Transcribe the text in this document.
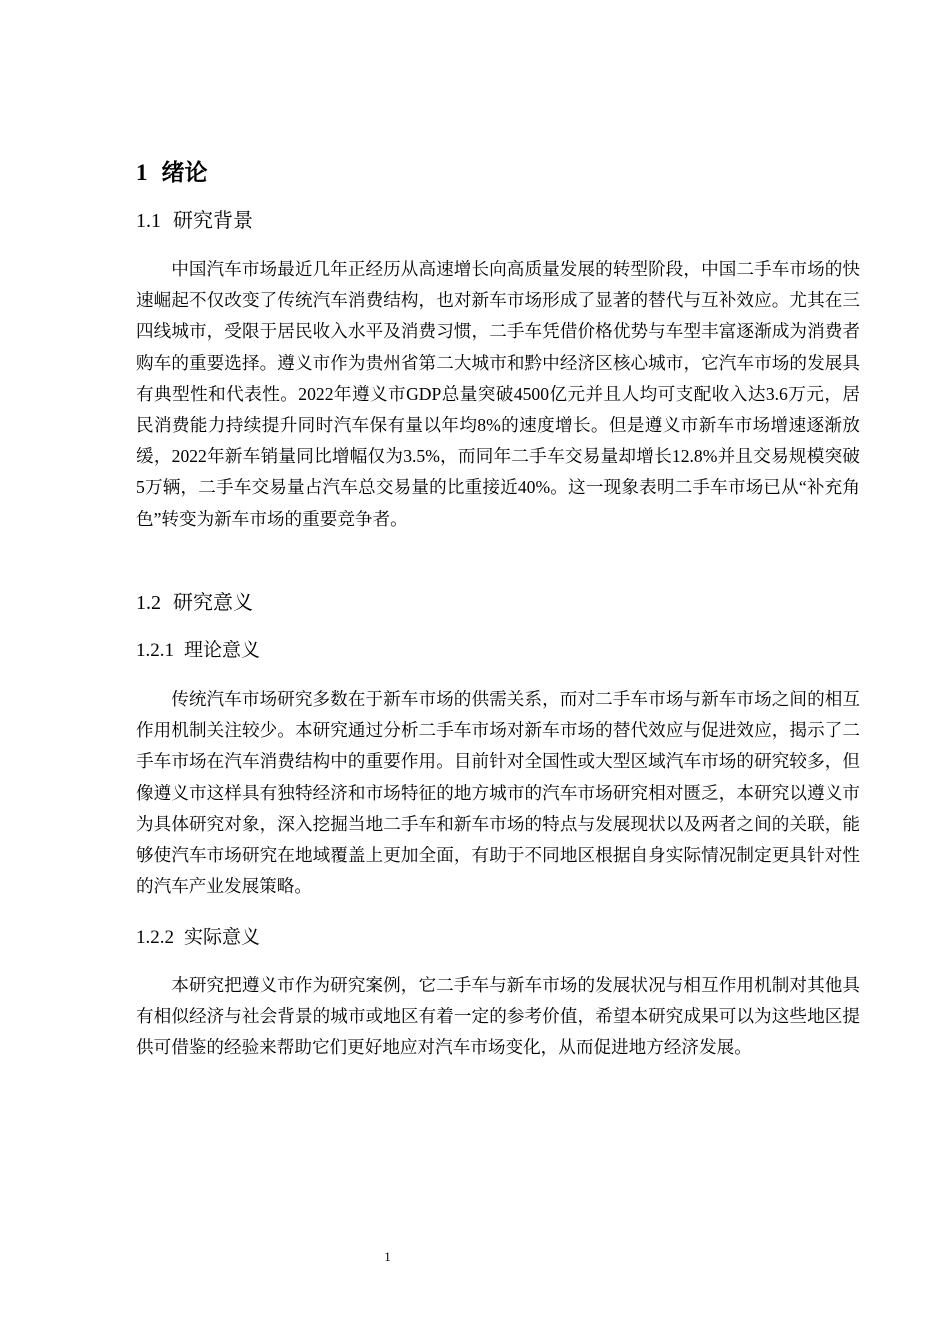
1 绪论
1.1 研究背景

中国汽车市场最近几年正经历从高速增长向高质量发展的转型阶段，中国二手车市场的快速崛起不仅改变了传统汽车消费结构，也对新车市场形成了显著的替代与互补效应。尤其在三四线城市，受限于居民收入水平及消费习惯，二手车凭借价格优势与车型丰富逐渐成为消费者购车的重要选择。遵义市作为贵州省第二大城市和黔中经济区核心城市，它汽车市场的发展具有典型性和代表性。2022年遵义市GDP总量突破4500亿元并且人均可支配收入达3.6万元，居民消费能力持续提升同时汽车保有量以年均8%的速度增长。但是遵义市新车市场增速逐渐放缓，2022年新车销量同比增幅仅为3.5%，而同年二手车交易量却增长12.8%并且交易规模突破5万辆，二手车交易量占汽车总交易量的比重接近40%。这一现象表明二手车市场已从“补充角色”转变为新车市场的重要竞争者。

1.2 研究意义
1.2.1 理论意义

传统汽车市场研究多数在于新车市场的供需关系，而对二手车市场与新车市场之间的相互作用机制关注较少。本研究通过分析二手车市场对新车市场的替代效应与促进效应，揭示了二手车市场在汽车消费结构中的重要作用。目前针对全国性或大型区域汽车市场的研究较多，但像遵义市这样具有独特经济和市场特征的地方城市的汽车市场研究相对匮乏，本研究以遵义市为具体研究对象，深入挖掘当地二手车和新车市场的特点与发展现状以及两者之间的关联，能够使汽车市场研究在地域覆盖上更加全面，有助于不同地区根据自身实际情况制定更具针对性的汽车产业发展策略。

1.2.2 实际意义

本研究把遵义市作为研究案例，它二手车与新车市场的发展状况与相互作用机制对其他具有相似经济与社会背景的城市或地区有着一定的参考价值，希望本研究成果可以为这些地区提供可借鉴的经验来帮助它们更好地应对汽车市场变化，从而促进地方经济发展。

1
